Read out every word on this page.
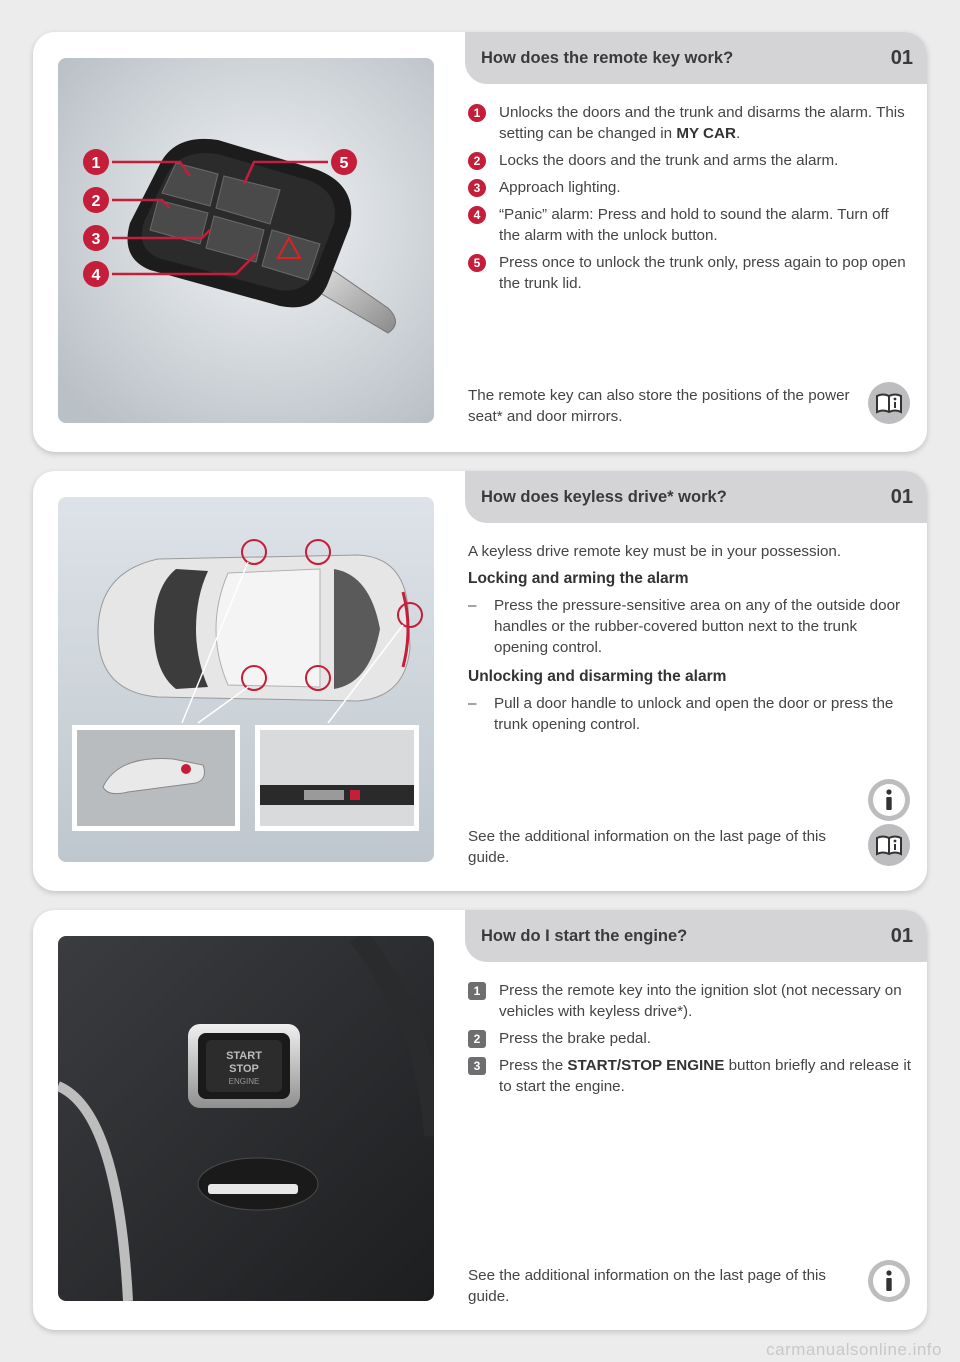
1
2
3
4
5
How does the remote key work?	01
1	Unlocks the doors and the trunk and disarms the alarm. This setting can be changed in MY CAR.
2	Locks the doors and the trunk and arms the alarm.
3	Approach lighting.
4	“Panic” alarm: Press and hold to sound the alarm. Turn off the alarm with the unlock button.
5	Press once to unlock the trunk only, press again to pop open the trunk lid.
The remote key can also store the positions of the power seat* and door mirrors.
How does keyless drive* work?	01

A keyless drive remote key must be in your possession.

Locking and arming the alarm
– Press the pressure-sensitive area on any of the outside door handles or the rubber-covered button next to the trunk opening control.
Unlocking and disarming the alarm
– Pull a door handle to unlock and open the door or press the trunk opening control.
See the additional information on the last page of this guide.
START
STOP
ENGINE
How do I start the engine?	01
1	Press the remote key into the ignition slot (not necessary on vehicles with keyless drive*).
2	Press the brake pedal.
3	Press the START/STOP ENGINE button briefly and release it to start the engine.
See the additional information on the last page of this guide.
carmanualsonline.info
